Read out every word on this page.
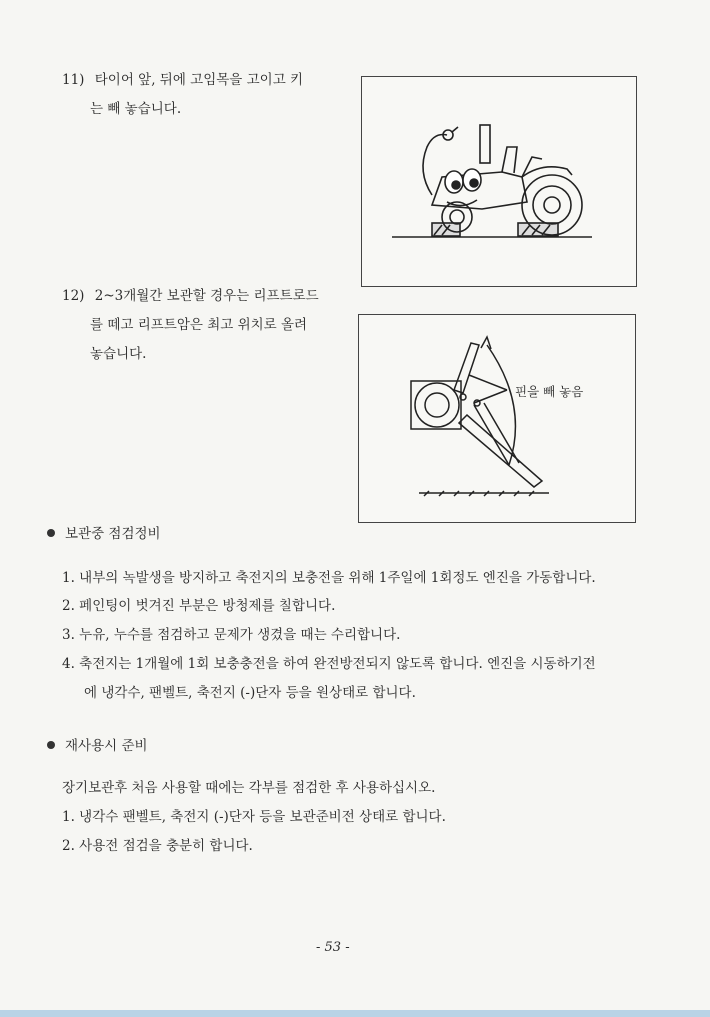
11) 타이어 앞, 뒤에 고임목을 고이고 키
는 빼 놓습니다.
12) 2~3개월간 보관할 경우는 리프트로드
를 떼고 리프트암은 최고 위치로 올려
놓습니다.
핀을 빼 놓음
보관중 점검정비
1. 내부의 녹발생을 방지하고 축전지의 보충전을 위해 1주일에 1회정도 엔진을 가동합니다.
2. 페인팅이 벗겨진 부분은 방청제를 칠합니다.
3. 누유, 누수를 점검하고 문제가 생겼을 때는 수리합니다.
4. 축전지는 1개월에 1회 보충충전을 하여 완전방전되지 않도록 합니다. 엔진을 시동하기전
에 냉각수, 팬벨트, 축전지 (-)단자 등을 원상태로 합니다.
재사용시 준비
장기보관후 처음 사용할 때에는 각부를 점검한 후 사용하십시오.
1. 냉각수 팬벨트, 축전지 (-)단자 등을 보관준비전 상태로 합니다.
2. 사용전 점검을 충분히 합니다.
- 53 -
